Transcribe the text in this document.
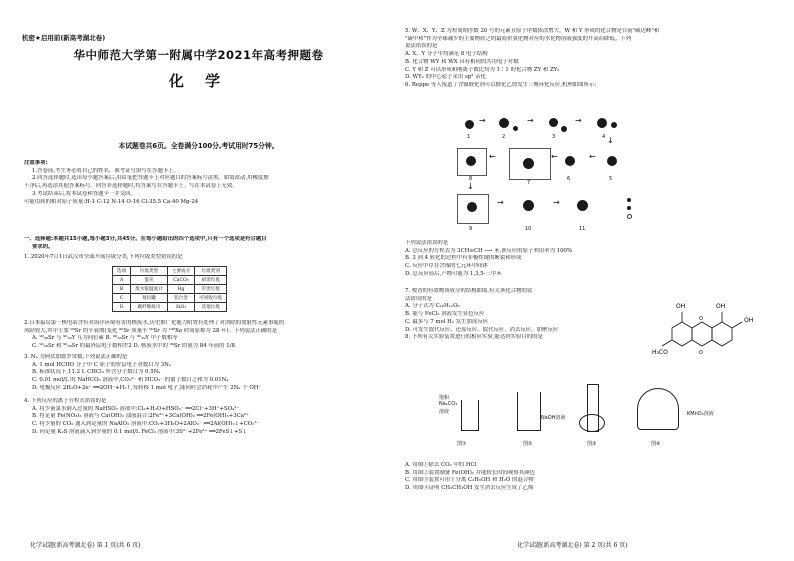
机密★启用前(新高考湖北卷)
华中师范大学第一附属中学2021年高考押题卷
化 学
本试题卷共6页。全卷满分100分,考试用时75分钟。
注意事项:
1.答卷前,考生务必将自己的姓名、准考证号填写在答题卡上。
2.回答选择题时,选出每小题答案后,用铅笔把答题卡上对应题目的答案标号涂黑。如需改动,用橡皮擦
干净后,再选涂其他答案标号。回答非选择题时,将答案写在答题卡上。写在本试卷上无效。
3.考试结束后,将本试卷和答题卡一并交回。
可能用到的相对原子质量:H-1 C-12 N-14 O-16 Cl-35.5 Ca-40 Mg-24
一、选择题:本题共15小题,每小题3分,共45分。在每小题给出的四个选项中,只有一个选项是符合题目
要求的。
1. 2020年7月1日武汉市全面开展垃圾分类,下列垃圾类型错误的是
选项	垃圾类型	主要成分	垃圾类别
A	蛋壳	CaCO₃	厨余垃圾
B	废水银温度计	Hg	有害垃圾
C	易拉罐	铝合金	可回收垃圾
D	碳纤维纸巾	SiO₂	其他垃圾
2.日本福岛第一核电站含有对海洋环境有害的核废水,历史推广化能力附置有处理了对消除的放射性元素事能的
风险较大,其中主要 ⁹⁰Sr 的半衰期(变化 ⁹⁰Sr 质量半 ⁹⁰Sr 为 ¹⁴⁰Xe 时间原称为 28 年)。下列说法正确的是
A. ⁹⁰₃₈Sr 与 ⁹⁰₃₉Y 互为同位素 B. ⁹⁰₃₈Sr 与 ⁹⁰₃₉Y 中子数相等
C. ⁹⁰₃₈Sr 和 ⁹⁰₃₈Sr 的最外层电子数相差2 D. 核废水中的 ⁹⁰Sr 的量为 84 年前的 1/8
3. Nₐ 为阿伏加德罗常数,下列说法正确的是
A. 1 mol HCHO 分子中 C 原子的价层电子对数目为 3Nₐ
B. 标准状况下,11.2 L CHCl₃ 所含分子数目为 0.5Nₐ
C. 0.01 mol/L 的 NaHCO₃ 溶液中,CO₃²⁻ 和 HCO₃⁻ 的离子数目之和为 0.01Nₐ
D. 电极反应 2H₂O+2e⁻ ══2OH⁻+H₂↑,每转移 1 mol 电子,能同时会消耗中产生 2Nₐ 个 OH⁻
4. 下列反应的离子方程式错误的是
A. 将少量氯水倒入过量的 NaHSO₃ 溶液中:Cl₂+H₂O+HSO₃⁻ ══2Cl⁻+3H⁺+SO₄²⁻
B. 将足量 Fe(NO₃)₃ 溶液与 Ca(OH)₂ 浊液混合:2Fe³⁺+3Ca(OH)₂ ══2Fe(OH)₃+3Ca²⁺
C. 将少量的 CO₂ 通入到足量的 NaAlO₂ 溶液中:CO₂+3H₂O+2AlO₂⁻ ══2Al(OH)₃↓+CO₃²⁻
D. 向足量 K₂S 溶液滴入到少量的 0.1 mol/L FeCl₃ 溶液中:3S²⁻+2Fe³⁺ ══2FeS↓+S↓
化学试题(新高考湖北卷) 第 1 页(共 6 页)
5. W、X、Y、Z 为短周期序数 20 号的元素且原子序数依次增大。W 和 Y 形成的化合物是目前"碳达峰"和
"碳中和"作为全球减少的主要物质之的最简价氢化物对应的水化物溶液强度的升高而降低。下列
说法错误的是
A. X、Y 分子中均满足 8 电子结构
B. 化合物 WY 和 WX 具有相同的共用电子对数
C. Y 和 Z 可以形成和刚离子数比均为 1∶1 的化合物 ZY 和 ZY₂
D. WY₂ 的中心原子采用 sp² 杂化
6. Reppe 等人报道了含镍催化剂可以催化乙炔发生三聚环化反应,机理如图所示:
→	→	→
1	2	3	4
←	←	←
↓
8
7
6	5
↓
→	→
9	10	11
下列说法错误的是
A. 总反应的方程式为 3CH≡CH ─→ 苯,该反应的原子利用率为 100%
B. 3 到 4 转化的过程中有非极性键的断裂和形成
C. 反应中存在含镍的七元环中间体
D. 总反应前后,产物可能为 1,3,5-三甲苯
7. 桉香的有效物质成分的结构如图,有关该化合物的说
法错误的是
A. 分子式为 C₁₆H₁₂O₆
B. 能与 FeCl₃ 溶液发生显色反应
C. 最多与 7 mol H₂ 发生加成反应
D. 可发生取代反应、还原反应、取代反应、消去反应、加聚反应
8. 下列有关实验装置进行的相应实验,能达到实验目的的是
OH	OH
OH
H₃CO	O
O
饱和
Na₂CO₃
溶液
NaOH溶液
KMnO₄溶液
图①	图②	图③	图④
A. 用图①除去 CO₂ 中的 HCl
B. 用图②装置制备 Fe(OH)₂ 并能较长时间观察其颜色
C. 用图③装置可用于分离 C₂H₅OH 和 H₂O 的混合物
D. 用图④证明 CH₃CH₂OH 发生消去反应生成了乙烯
化学试题(新高考湖北卷) 第 2 页(共 6 页)
